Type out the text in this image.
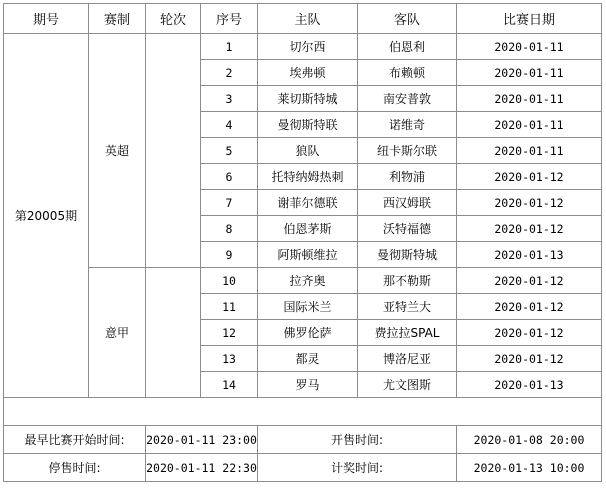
期号	赛制	轮次	序号	主队	客队	比赛日期
第20005期	英超		1	切尔西	伯恩利	2020-01-11
			2	埃弗顿	布赖顿	2020-01-11
			3	莱切斯特城	南安普敦	2020-01-11
			4	曼彻斯特联	诺维奇	2020-01-11
			5	狼队	纽卡斯尔联	2020-01-11
			6	托特纳姆热刺	利物浦	2020-01-12
			7	谢菲尔德联	西汉姆联	2020-01-12
			8	伯恩茅斯	沃特福德	2020-01-12
			9	阿斯顿维拉	曼彻斯特城	2020-01-13
	意甲		10	拉齐奥	那不勒斯	2020-01-12
			11	国际米兰	亚特兰大	2020-01-12
			12	佛罗伦萨	费拉拉SPAL	2020-01-12
			13	都灵	博洛尼亚	2020-01-12
			14	罗马	尤文图斯	2020-01-13

最早比赛开始时间:		2020-01-11 23:00		开售时间:		2020-01-08 20:00
停售时间:		2020-01-11 22:30		计奖时间:		2020-01-13 10:00
